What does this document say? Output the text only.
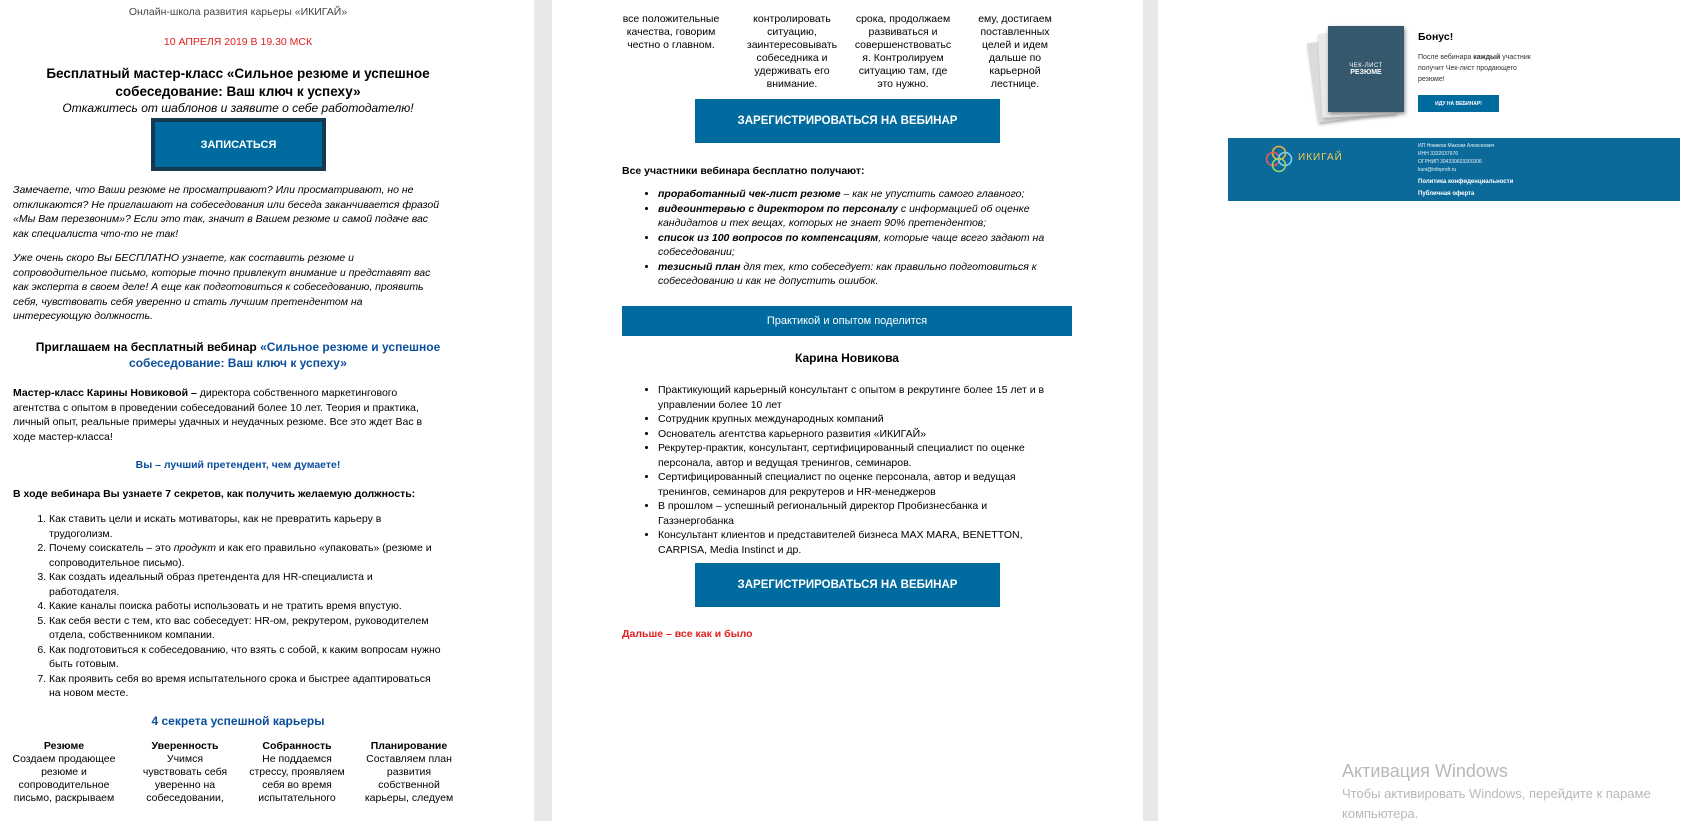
Онлайн-школа развития карьеры «ИКИГАЙ»
10 АПРЕЛЯ 2019 В 19.30 МСК
Бесплатный мастер-класс «Сильное резюме и успешное
собеседование: Ваш ключ к успеху»
Откажитесь от шаблонов и заявите о себе работодателю!
ЗАПИСАТЬСЯ

Замечаете, что Ваши резюме не просматривают? Или просматривают, но не

откликаются? Не приглашают на собеседования или беседа заканчивается фразой

«Мы Вам перезвоним»? Если это так, значит в Вашем резюме и самой подаче вас

как специалиста что-то не так!

Уже очень скоро Вы БЕСПЛАТНО узнаете, как составить резюме и

сопроводительное письмо, которые точно привлекут внимание и представят вас

как эксперта в своем деле! А еще как подготовиться к собеседованию, проявить

себя, чувствовать себя уверенно и стать лучшим претендентом на

интересующую должность.

Приглашаем на бесплатный вебинар «Сильное резюме и успешное
собеседование: Ваш ключ к успеху»

Мастер-класс Карины Новиковой – директора собственного маркетингового

агентства с опытом в проведении собеседований более 10 лет. Теория и практика,

личный опыт, реальные примеры удачных и неудачных резюме. Все это ждет Вас в

ходе мастер-класса!

Вы – лучший претендент, чем думаете!
В ходе вебинара Вы узнаете 7 секретов, как получить желаемую должность:
1. Как ставить цели и искать мотиваторы, как не превратить карьеру в
трудоголизм.
2. Почему соискатель – это продукт и как его правильно «упаковать» (резюме и
сопроводительное письмо).
3. Как создать идеальный образ претендента для HR-специалиста и
работодателя.
4. Какие каналы поиска работы использовать и не тратить время впустую.
5. Как себя вести с тем, кто вас собеседует: HR-ом, рекрутером, руководителем
отдела, собственником компании.
6. Как подготовиться к собеседованию, что взять с собой, к каким вопросам нужно
быть готовым.
7. Как проявить себя во время испытательного срока и быстрее адаптироваться
на новом месте.
4 секрета успешной карьеры
Резюме
Создаем продающее
резюме и
сопроводительное
письмо, раскрываем
Уверенность
Учимся
чувствовать себя
уверенно на
собеседовании,
Собранность
Не поддаемся
стрессу, проявляем
себя во время
испытательного
Планирование
Составляем план
развития
собственной
карьеры, следуем
все положительные
качества, говорим
честно о главном.
контролировать
ситуацию,
заинтересовывать
собеседника и
удерживать его
внимание.
срока, продолжаем
развиваться и
совершенствоватьс
я. Контролируем
ситуацию там, где
это нужно.
ему, достигаем
поставленных
целей и идем
дальше по
карьерной
лестнице.
ЗАРЕГИСТРИРОВАТЬСЯ НА ВЕБИНАР
Все участники вебинара бесплатно получают:
• проработанный чек-лист резюме – как не упустить самого главного;
• видеоинтервью с директором по персоналу с информацией об оценке
кандидатов и тех вещах, которых не знает 90% претендентов;
• список из 100 вопросов по компенсациям, которые чаще всего задают на
собеседовании;
• тезисный план для тех, кто собеседует: как правильно подготовиться к
собеседованию и как не допустить ошибок.
Практикой и опытом поделится
Карина Новикова
• Практикующий карьерный консультант с опытом в рекрутинге более 15 лет и в
управлении более 10 лет
• Сотрудник крупных международных компаний
• Основатель агентства карьерного развития «ИКИГАЙ»
• Рекрутер-практик, консультант, сертифицированный специалист по оценке
персонала, автор и ведущая тренингов, семинаров.
• Сертифицированный специалист по оценке персонала, автор и ведущая
тренингов, семинаров для рекрутеров и HR-менеджеров
• В прошлом – успешный региональный директор Пробизнесбанка и
Газэнергобанка
• Консультант клиентов и представителей бизнеса MAX MARA, BENETTON,
CARPISA, Media Instinct и др.
ЗАРЕГИСТРИРОВАТЬСЯ НА ВЕБИНАР
Дальше – все как и было
ЧЕК-ЛИСТ
РЕЗЮМЕ
Бонус!
После вебинара каждый участник
получит Чек-лист продающего
резюме!
ИДУ НА ВЕБИНАР!
ИКИГАЙ
ИП Новиков Максим Алексеевич
ИНН 3332037976
ОГРНИП 304330603300306
kuni@infoprofr.ru
Политика конфиденциальности
Публичная оферта
Активация Windows
Чтобы активировать Windows, перейдите к параме
компьютера.
